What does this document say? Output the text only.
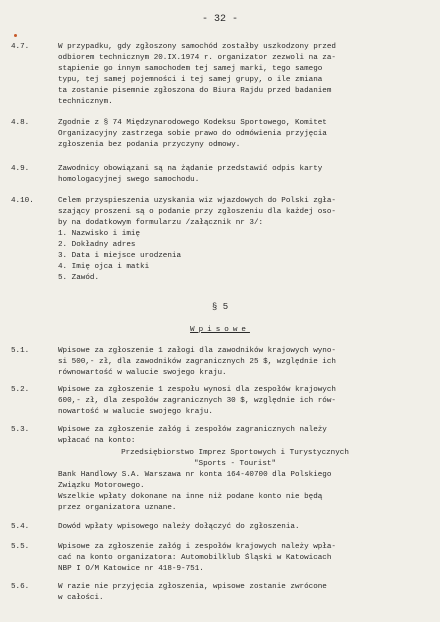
- 32 -
4.7.	W przypadku, gdy zgłoszony samochód zostałby uszkodzony przed
odbiorem technicznym 20.IX.1974 r. organizator zezwoli na za-
stąpienie go innym samochodem tej samej marki, tego samego
typu, tej samej pojemności i tej samej grupy, o ile zmiana
ta zostanie pisemnie zgłoszona do Biura Rajdu przed badaniem
technicznym.
4.8.	Zgodnie z § 74 Międzynarodowego Kodeksu Sportowego, Komitet
Organizacyjny zastrzega sobie prawo do odmówienia przyjęcia
zgłoszenia bez podania przyczyny odmowy.
4.9.	Zawodnicy obowiązani są na żądanie przedstawić odpis karty
homologacyjnej swego samochodu.
4.10.	Celem przyspieszenia uzyskania wiz wjazdowych do Polski zgła-
szający proszeni są o podanie przy zgłoszeniu dla każdej oso-
by na dodatkowym formularzu /załącznik nr 3/:
1. Nazwisko i imię
2. Dokładny adres
3. Data i miejsce urodzenia
4. Imię ojca i matki
5. Zawód.
§ 5
Wpisowe
5.1.	Wpisowe za zgłoszenie 1 załogi dla zawodników krajowych wyno-
si 500,- zł, dla zawodników zagranicznych 25 $, względnie ich
równowartość w walucie swojego kraju.
5.2.	Wpisowe za zgłoszenie 1 zespołu wynosi dla zespołów krajowych
600,- zł, dla zespołów zagranicznych 30 $, względnie ich rów-
nowartość w walucie swojego kraju.
5.3.	Wpisowe za zgłoszenie załóg i zespołów zagranicznych należy
wpłacać na konto:
Przedsiębiorstwo Imprez Sportowych i Turystycznych
"Sports - Tourist"
Bank Handlowy S.A. Warszawa nr konta 164-40700 dla Polskiego
Związku Motorowego.
Wszelkie wpłaty dokonane na inne niż podane konto nie będą
przez organizatora uznane.
5.4.	Dowód wpłaty wpisowego należy dołączyć do zgłoszenia.
5.5.	Wpisowe za zgłoszenie załóg i zespołów krajowych należy wpła-
cać na konto organizatora: Automobilklub Śląski w Katowicach
NBP I O/M Katowice nr 418-9-751.
5.6.	W razie nie przyjęcia zgłoszenia, wpisowe zostanie zwrócone
w całości.
